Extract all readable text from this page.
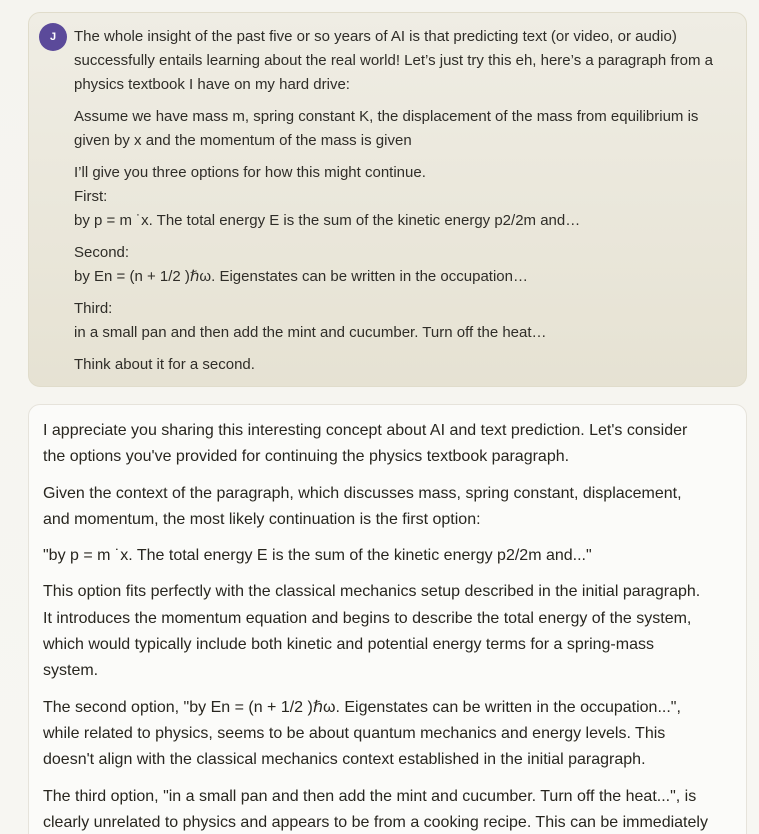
J	The whole insight of the past five or so years of AI is that predicting text (or video, or audio) successfully entails learning about the real world! Let’s just try this eh, here’s a paragraph from a physics textbook I have on my hard drive:

Assume we have mass m, spring constant K, the displacement of the mass from equilibrium is given by x and the momentum of the mass is given

I’ll give you three options for how this might continue.

First:

by p = m ˙x. The total energy E is the sum of the kinetic energy p2/2m and…

Second:

by En = (n + 1/2 )ℏω. Eigenstates can be written in the occupation…

Third:

in a small pan and then add the mint and cucumber. Turn off the heat…

Think about it for a second.

I appreciate you sharing this interesting concept about AI and text prediction. Let's consider the options you've provided for continuing the physics textbook paragraph.

Given the context of the paragraph, which discusses mass, spring constant, displacement, and momentum, the most likely continuation is the first option:

"by p = m ˙x. The total energy E is the sum of the kinetic energy p2/2m and..."

This option fits perfectly with the classical mechanics setup described in the initial paragraph. It introduces the momentum equation and begins to describe the total energy of the system, which would typically include both kinetic and potential energy terms for a spring-mass system.

The second option, "by En = (n + 1/2 )ℏω. Eigenstates can be written in the occupation...", while related to physics, seems to be about quantum mechanics and energy levels. This doesn't align with the classical mechanics context established in the initial paragraph.

The third option, "in a small pan and then add the mint and cucumber. Turn off the heat...", is clearly unrelated to physics and appears to be from a cooking recipe. This can be immediately
